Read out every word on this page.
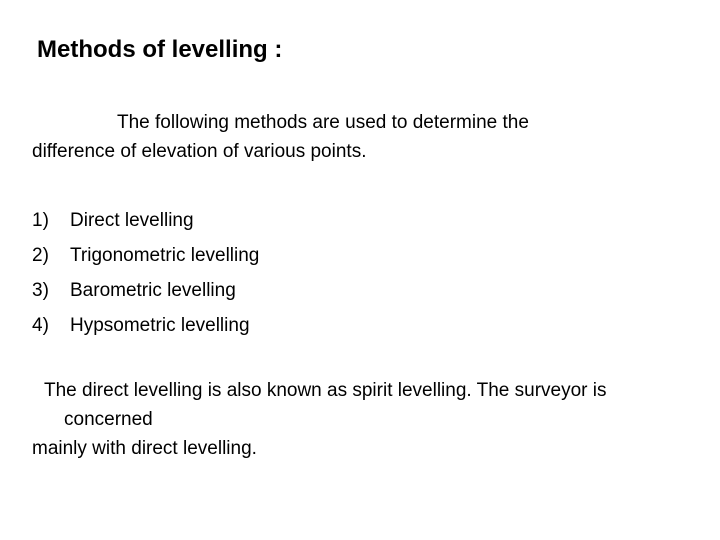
Methods of levelling :
The following methods are used to determine the
difference of elevation of various points.
1)	Direct levelling
2)	Trigonometric levelling
3)	Barometric levelling
4)	Hypsometric levelling
The direct levelling is also known as spirit levelling. The surveyor is
concerned
mainly with direct levelling.
